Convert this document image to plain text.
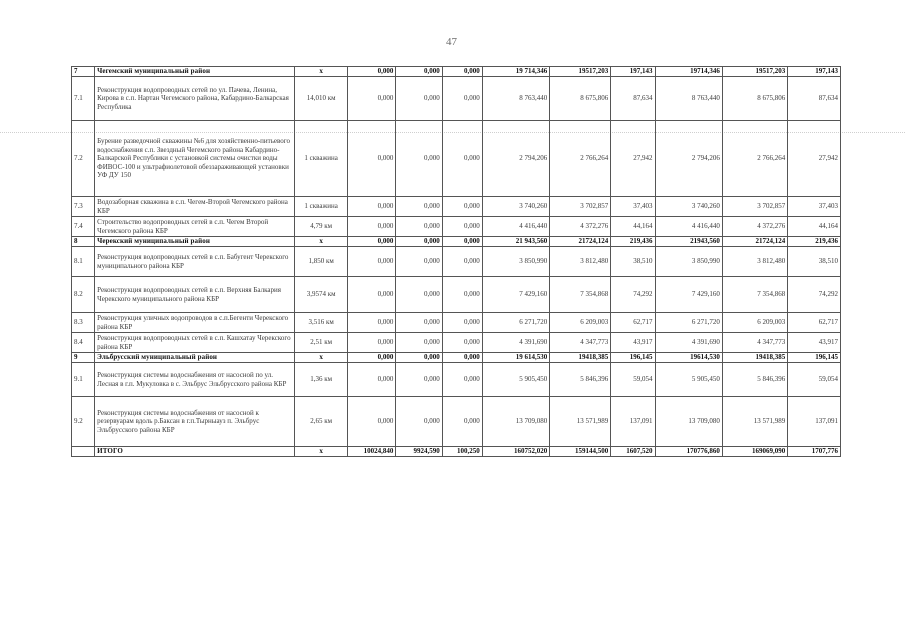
47
7	Чегемский муниципальный район	х	0,000	0,000	0,000	19 714,346	19517,203	197,143	19714,346	19517,203	197,143
7.1	Реконструкция водопроводных сетей по ул. Пачева, Ленина, Кирова в с.п. Нартан Чегемского района, Кабардино-Балкарская Республика	14,010 км	0,000	0,000	0,000	8 763,440	8 675,806	87,634	8 763,440	8 675,806	87,634
7.2	Бурение разведочной скважины №6 для хозяйственно-питьевого водоснабжения с.п. Звездный Чегемского района Кабардино-Балкарской Республики с установкой системы очистки воды ФИВОС-100 и ультрафиолетовой обеззараживающей установки УФ ДУ 150	1 скважина	0,000	0,000	0,000	2 794,206	2 766,264	27,942	2 794,206	2 766,264	27,942
7.3	Водозаборная скважина в с.п. Чегем-Второй Чегемского района КБР	1 скважина	0,000	0,000	0,000	3 740,260	3 702,857	37,403	3 740,260	3 702,857	37,403
7.4	Строительство водопроводных сетей в с.п. Чегем Второй Чегемского района КБР	4,79 км	0,000	0,000	0,000	4 416,440	4 372,276	44,164	4 416,440	4 372,276	44,164
8	Черекский муниципальный район	х	0,000	0,000	0,000	21 943,560	21724,124	219,436	21943,560	21724,124	219,436
8.1	Реконструкция водопроводных сетей в с.п. Бабугент Черекского муниципального района КБР	1,850 км	0,000	0,000	0,000	3 850,990	3 812,480	38,510	3 850,990	3 812,480	38,510
8.2	Реконструкция водопроводных сетей в с.п. Верхняя Балкария Черекского муниципального района КБР	3,9574 км	0,000	0,000	0,000	7 429,160	7 354,868	74,292	7 429,160	7 354,868	74,292
8.3	Реконструкция уличных водопроводов в с.п.Бегенти Черекского района КБР	3,516 км	0,000	0,000	0,000	6 271,720	6 209,003	62,717	6 271,720	6 209,003	62,717
8.4	Реконструкция водопроводных сетей в с.п. Кашхатау Черекского района КБР	2,51 км	0,000	0,000	0,000	4 391,690	4 347,773	43,917	4 391,690	4 347,773	43,917
9	Эльбрусский муниципальный район	х	0,000	0,000	0,000	19 614,530	19418,385	196,145	19614,530	19418,385	196,145
9.1	Реконструкция системы водоснабжения от насосной по ул. Лесная в г.п. Мукуловка в с. Эльбрус Эльбрусского района КБР	1,36 км	0,000	0,000	0,000	5 905,450	5 846,396	59,054	5 905,450	5 846,396	59,054
9.2	Реконструкция системы водоснабжения от насосной к резервуарам вдоль р.Баксан в г.п.Тырныауз п. Эльбрус Эльбрусского района КБР	2,65 км	0,000	0,000	0,000	13 709,080	13 571,989	137,091	13 709,080	13 571,989	137,091
	ИТОГО	х	10024,840	9924,590	100,250	160752,020	159144,500	1607,520	170776,860	169069,090	1707,776
